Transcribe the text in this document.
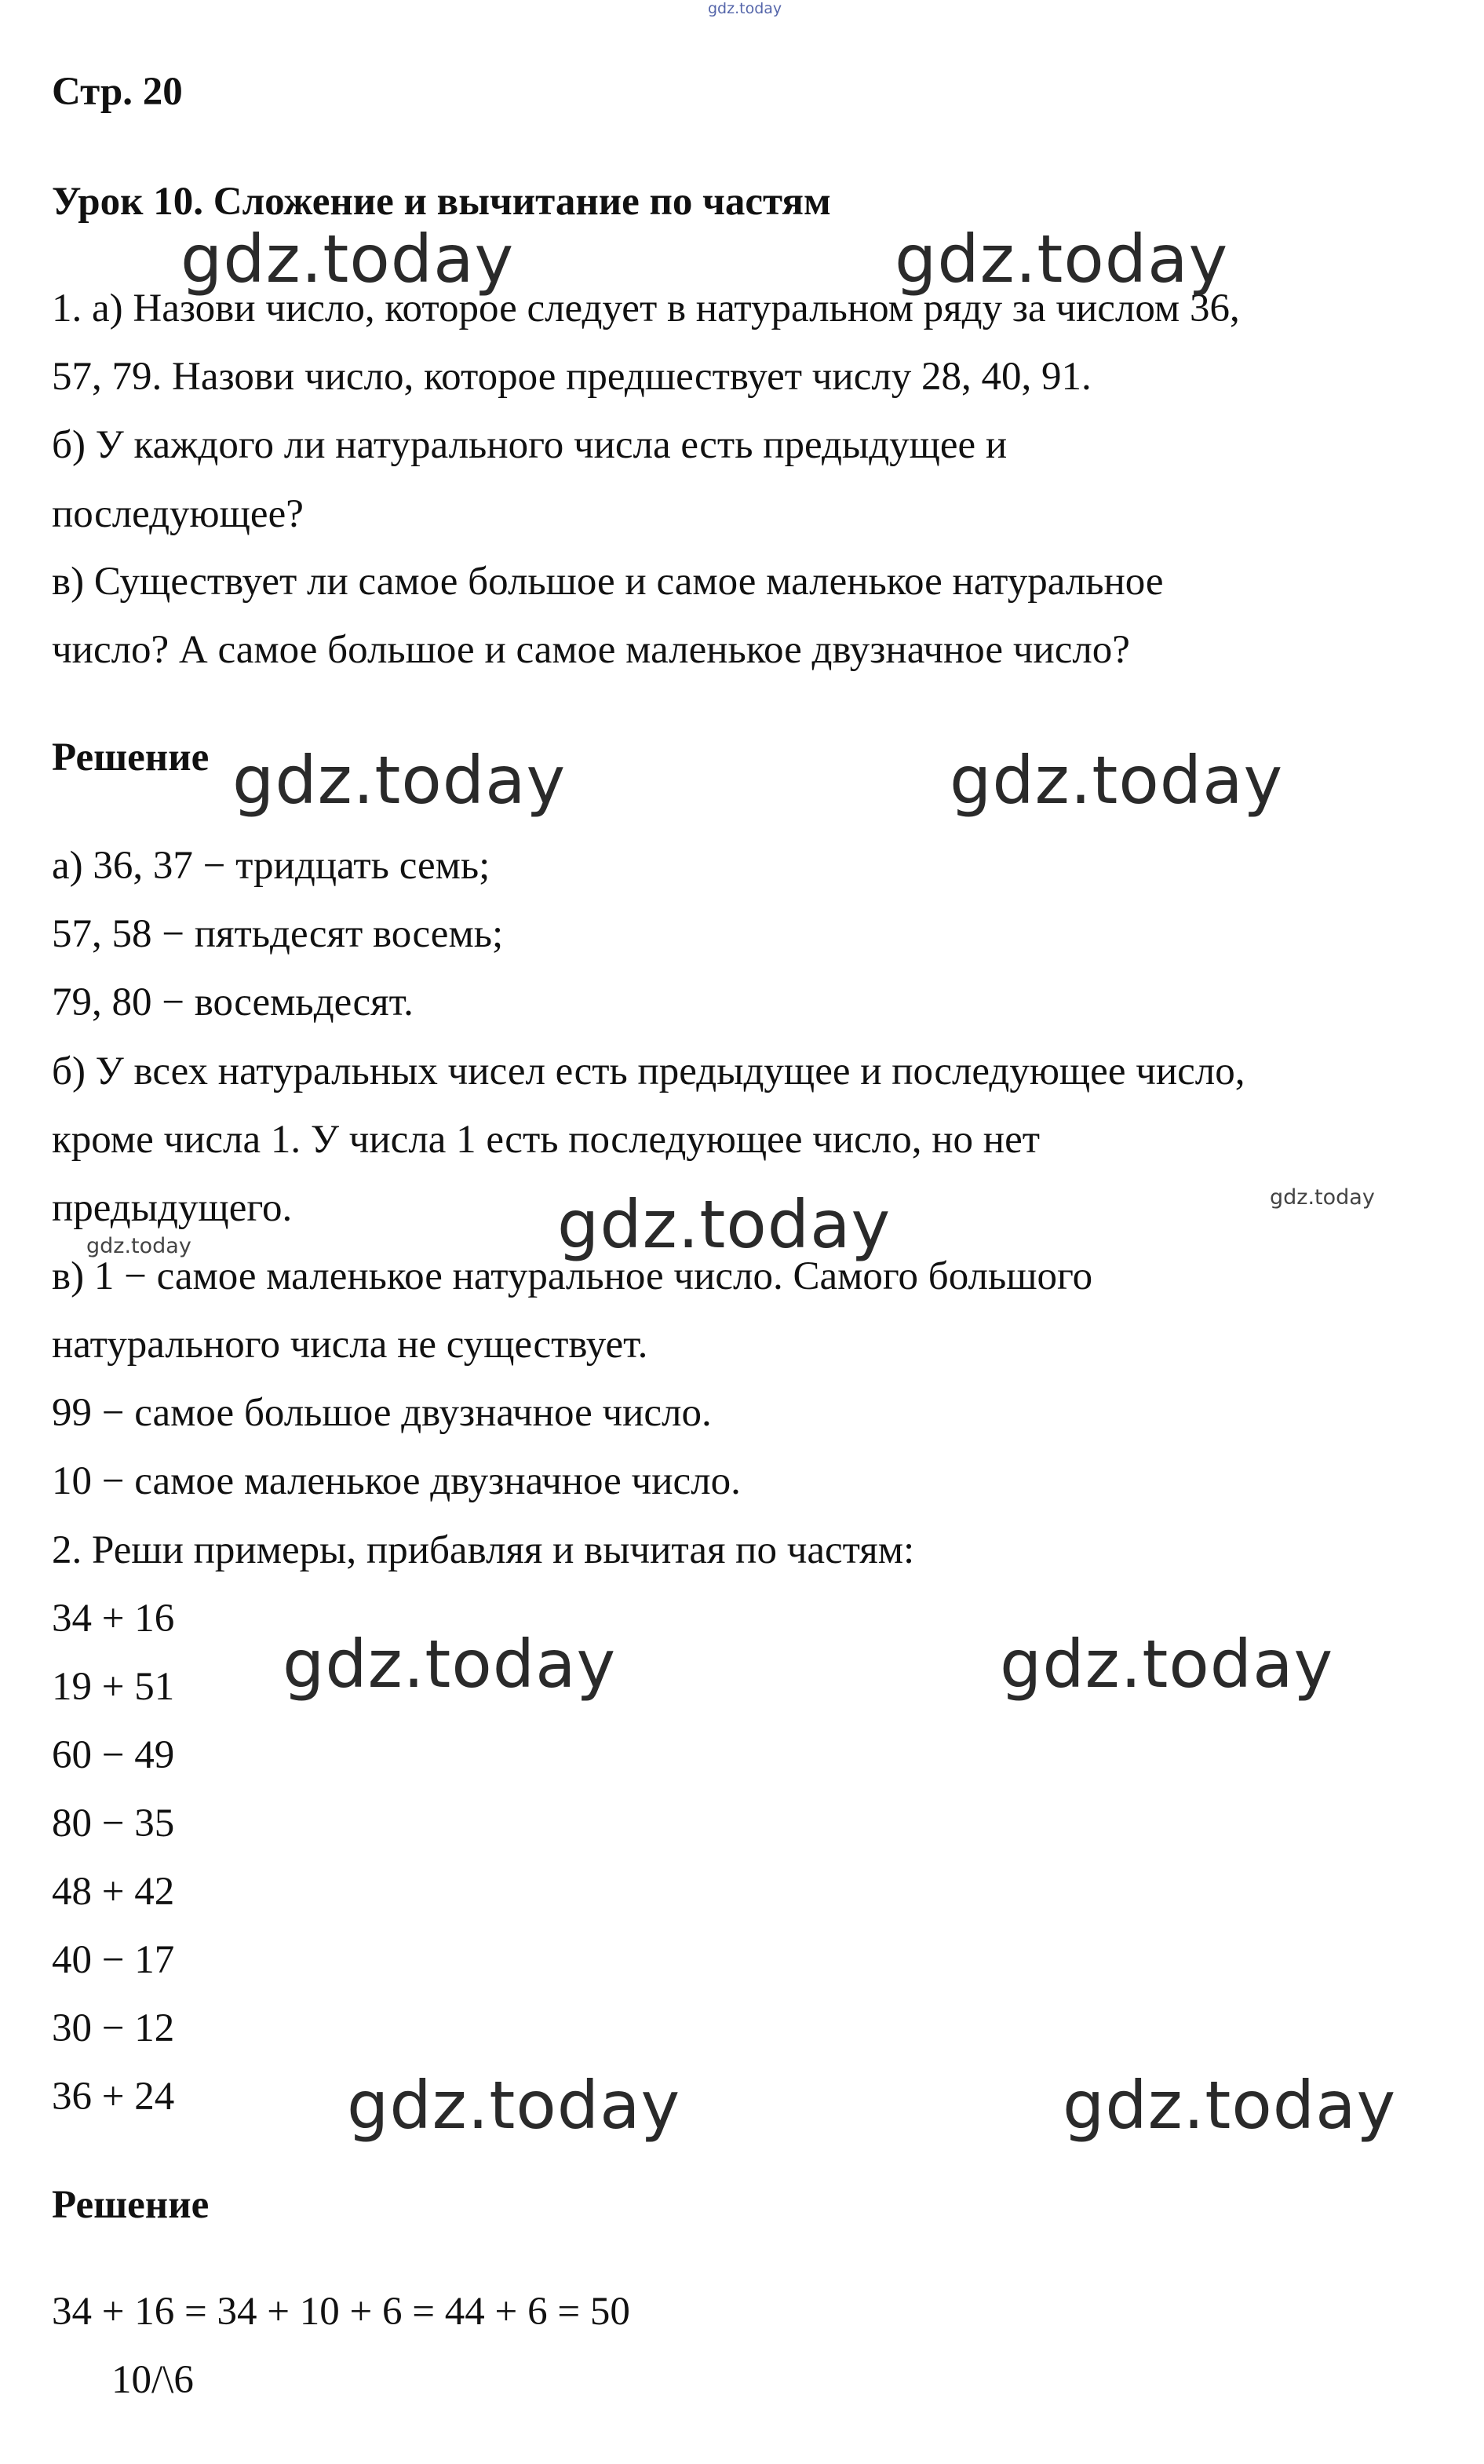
gdz.today

Стр. 20

Урок 10. Сложение и вычитание по частям

1. а) Назови число, которое следует в натуральном ряду за числом 36,

57, 79. Назови число, которое предшествует числу 28, 40, 91.

б) У каждого ли натурального числа есть предыдущее и

последующее?

в) Существует ли самое большое и самое маленькое натуральное

число? А самое большое и самое маленькое двузначное число?

Решение

а) 36, 37 − тридцать семь;

57, 58 − пятьдесят восемь;

79, 80 − восемьдесят.

б) У всех натуральных чисел есть предыдущее и последующее число,

кроме числа 1. У числа 1 есть последующее число, но нет

предыдущего.

в) 1 − самое маленькое натуральное число. Самого большого

натурального числа не существует.

99 − самое большое двузначное число.

10 − самое маленькое двузначное число.

2. Реши примеры, прибавляя и вычитая по частям:

34 + 16

19 + 51

60 − 49

80 − 35

48 + 42

40 − 17

30 − 12

36 + 24

Решение

34 + 16 = 34 + 10 + 6 = 44 + 6 = 50

10/\6

gdz.today	gdz.today

gdz.today	gdz.today

gdz.today

gdz.today	gdz.today

gdz.today	gdz.today

gdz.today

gdz.today
